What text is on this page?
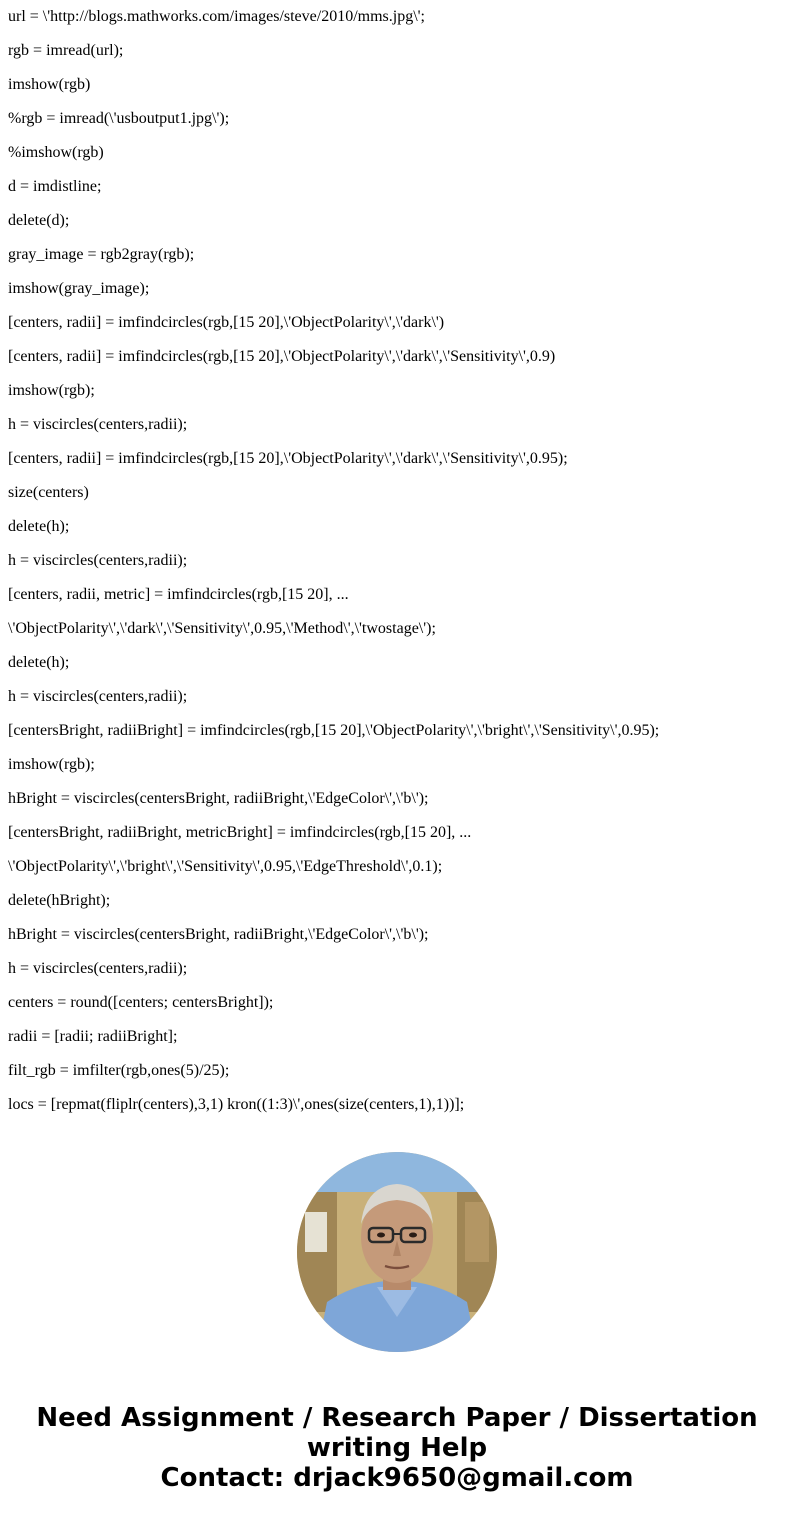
url = \'http://blogs.mathworks.com/images/steve/2010/mms.jpg\';

rgb = imread(url);

imshow(rgb)

%rgb = imread(\'usboutput1.jpg\');

%imshow(rgb)

d = imdistline;

delete(d);

gray_image = rgb2gray(rgb);

imshow(gray_image);

[centers, radii] = imfindcircles(rgb,[15 20],\'ObjectPolarity\',\'dark\')

[centers, radii] = imfindcircles(rgb,[15 20],\'ObjectPolarity\',\'dark\',\'Sensitivity\',0.9)

imshow(rgb);

h = viscircles(centers,radii);

[centers, radii] = imfindcircles(rgb,[15 20],\'ObjectPolarity\',\'dark\',\'Sensitivity\',0.95);

size(centers)

delete(h);

h = viscircles(centers,radii);

[centers, radii, metric] = imfindcircles(rgb,[15 20], ...

\'ObjectPolarity\',\'dark\',\'Sensitivity\',0.95,\'Method\',\'twostage\');

delete(h);

h = viscircles(centers,radii);

[centersBright, radiiBright] = imfindcircles(rgb,[15 20],\'ObjectPolarity\',\'bright\',\'Sensitivity\',0.95);

imshow(rgb);

hBright = viscircles(centersBright, radiiBright,\'EdgeColor\',\'b\');

[centersBright, radiiBright, metricBright] = imfindcircles(rgb,[15 20], ...

\'ObjectPolarity\',\'bright\',\'Sensitivity\',0.95,\'EdgeThreshold\',0.1);

delete(hBright);

hBright = viscircles(centersBright, radiiBright,\'EdgeColor\',\'b\');

h = viscircles(centers,radii);

centers = round([centers; centersBright]);

radii = [radii; radiiBright];

filt_rgb = imfilter(rgb,ones(5)/25);

locs = [repmat(fliplr(centers),3,1) kron((1:3)\',ones(size(centers,1),1))];

Need Assignment / Research Paper / Dissertation
writing Help
Contact: drjack9650@gmail.com
